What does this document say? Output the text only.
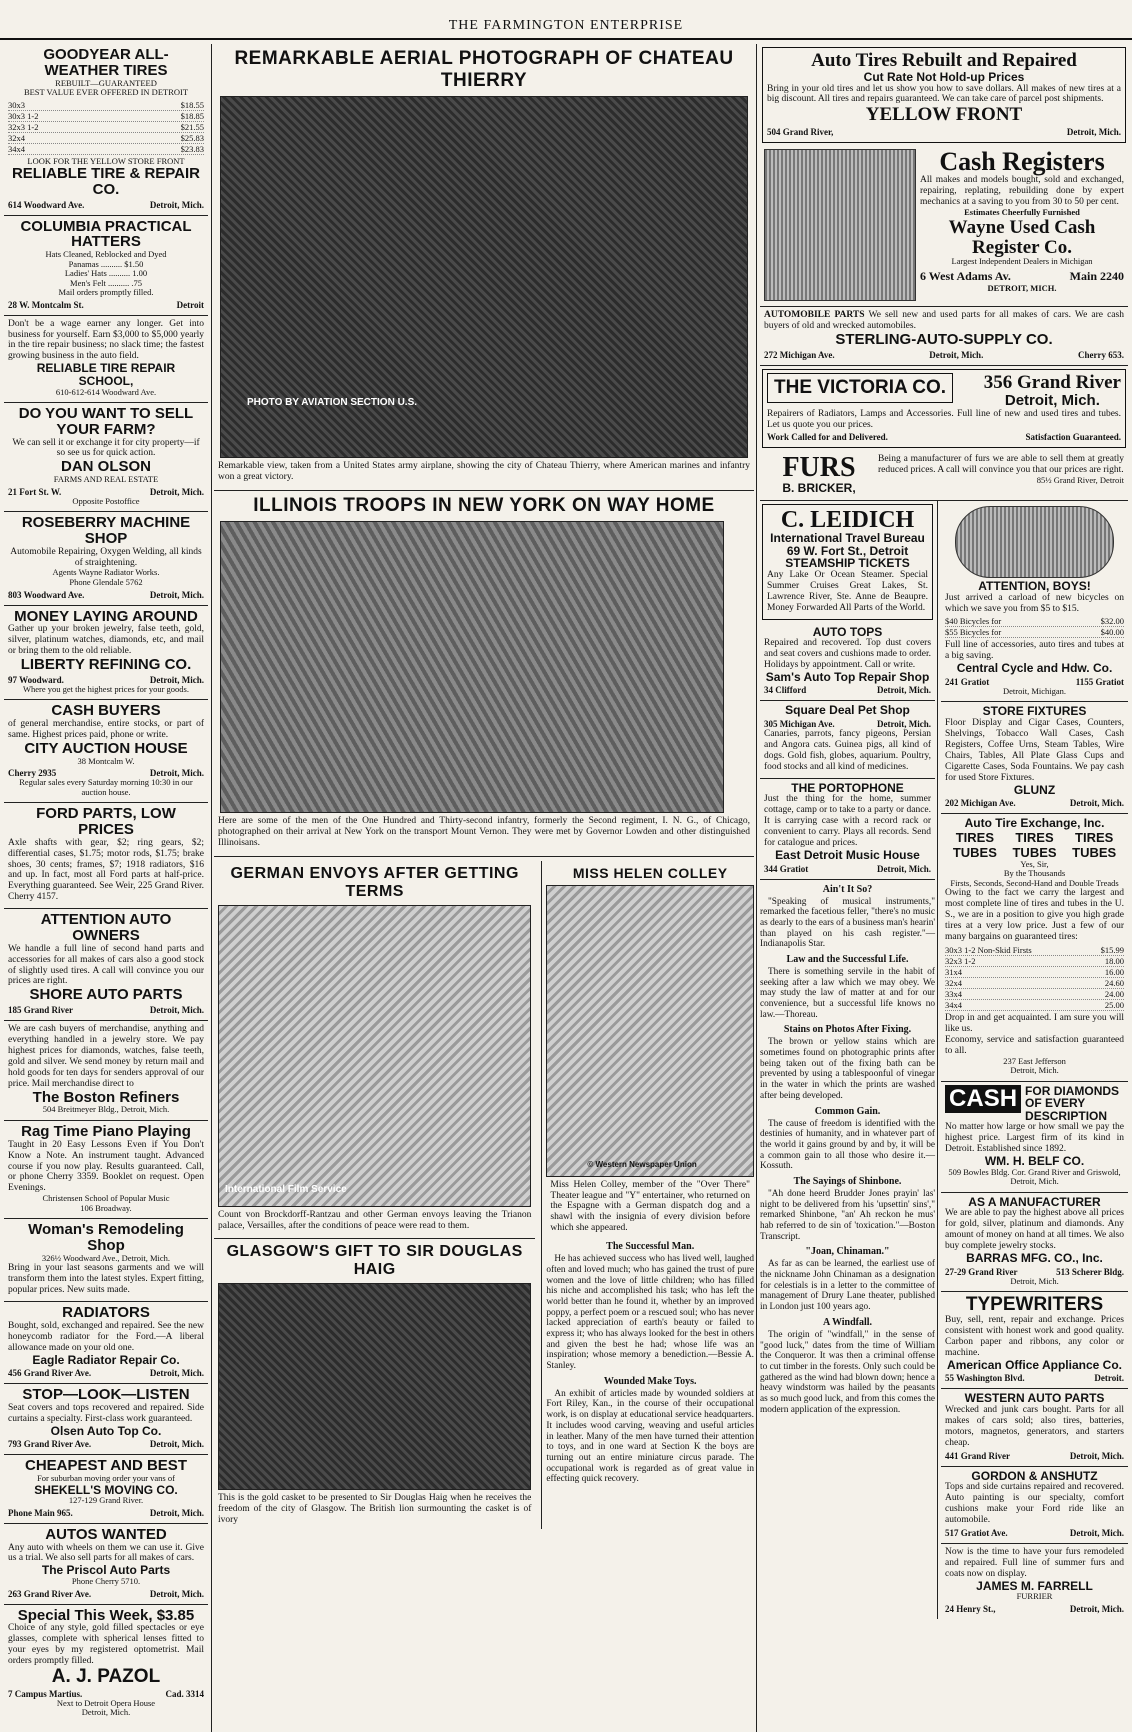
THE FARMINGTON ENTERPRISE
GOODYEAR ALL-WEATHER TIRES
REBUILT—GUARANTEED
BEST VALUE EVER OFFERED IN DETROIT
30x3	$18.55
30x3 1-2	$18.85
32x3 1-2	$21.55
32x4	$25.83
34x4	$23.83
LOOK FOR THE YELLOW STORE FRONT
RELIABLE TIRE & REPAIR CO.
614 Woodward Ave.	Detroit, Mich.
COLUMBIA PRACTICAL HATTERS
Hats Cleaned, Reblocked and Dyed
Panamas .......... $1.50
Ladies' Hats .......... 1.00
Men's Felt .......... .75
Mail orders promptly filled.
28 W. Montcalm St.	Detroit
Don't be a wage earner any longer. Get into business for yourself. Earn $3,000 to $5,000 yearly in the tire repair business; no slack time; the fastest growing business in the auto field.
RELIABLE TIRE REPAIR SCHOOL,
610-612-614 Woodward Ave.
DO YOU WANT TO SELL YOUR FARM?
We can sell it or exchange it for city property—if so see us for quick action.
DAN OLSON
FARMS AND REAL ESTATE
21 Fort St. W.	Detroit, Mich.
Opposite Postoffice
ROSEBERRY MACHINE SHOP
Automobile Repairing, Oxygen Welding, all kinds of straightening.
Agents Wayne Radiator Works.
Phone Glendale 5762
803 Woodward Ave.	Detroit, Mich.
MONEY LAYING AROUND
Gather up your broken jewelry, false teeth, gold, silver, platinum watches, diamonds, etc, and mail or bring them to the old reliable.
LIBERTY REFINING CO.
97 Woodward.	Detroit, Mich.
Where you get the highest prices for your goods.
CASH BUYERS
of general merchandise, entire stocks, or part of same. Highest prices paid, phone or write.
CITY AUCTION HOUSE
38 Montcalm W.
Cherry 2935	Detroit, Mich.
Regular sales every Saturday morning 10:30 in our auction house.
FORD PARTS, LOW PRICES
Axle shafts with gear, $2; ring gears, $2; differential cases, $1.75; motor rods, $1.75; brake shoes, 30 cents; frames, $7; 1918 radiators, $16 and up. In fact, most all Ford parts at half-price. Everything guaranteed. See Weir, 225 Grand River. Cherry 4157.
ATTENTION AUTO OWNERS
We handle a full line of second hand parts and accessories for all makes of cars also a good stock of slightly used tires. A call will convince you our prices are right.
SHORE AUTO PARTS
185 Grand River	Detroit, Mich.
We are cash buyers of merchandise, anything and everything handled in a jewelry store. We pay highest prices for diamonds, watches, false teeth, gold and silver. We send money by return mail and hold goods for ten days for senders approval of our price. Mail merchandise direct to
The Boston Refiners
504 Breitmeyer Bldg., Detroit, Mich.
Rag Time Piano Playing
Taught in 20 Easy Lessons Even if You Don't Know a Note. An instrument taught. Advanced course if you now play. Results guaranteed. Call, or phone Cherry 3359. Booklet on request. Open Evenings.
Christensen School of Popular Music
106 Broadway.
Woman's Remodeling Shop
326½ Woodward Ave., Detroit, Mich.
Bring in your last seasons garments and we will transform them into the latest styles. Expert fitting, popular prices. New suits made.
RADIATORS
Bought, sold, exchanged and repaired. See the new honeycomb radiator for the Ford.—A liberal allowance made on your old one.
Eagle Radiator Repair Co.
456 Grand River Ave.	Detroit, Mich.
STOP—LOOK—LISTEN
Seat covers and tops recovered and repaired. Side curtains a specialty. First-class work guaranteed.
Olsen Auto Top Co.
793 Grand River Ave.	Detroit, Mich.
CHEAPEST AND BEST
For suburban moving order your vans of
SHEKELL'S MOVING CO.
127-129 Grand River.
Phone Main 965.	Detroit, Mich.
AUTOS WANTED
Any auto with wheels on them we can use it. Give us a trial. We also sell parts for all makes of cars.
The Priscol Auto Parts
Phone Cherry 5710.
263 Grand River Ave.	Detroit, Mich.
Special This Week, $3.85
Choice of any style, gold filled spectacles or eye glasses, complete with spherical lenses fitted to your eyes by my registered optometrist. Mail orders promptly filled.
A. J. PAZOL
7 Campus Martius.	Cad. 3314
Next to Detroit Opera House
Detroit, Mich.
REMARKABLE AERIAL PHOTOGRAPH OF CHATEAU THIERRY
PHOTO BY AVIATION SECTION U.S.
Remarkable view, taken from a United States army airplane, showing the city of Chateau Thierry, where American marines and infantry won a great victory.
ILLINOIS TROOPS IN NEW YORK ON WAY HOME
Here are some of the men of the One Hundred and Thirty-second infantry, formerly the Second regiment, I. N. G., of Chicago, photographed on their arrival at New York on the transport Mount Vernon. They were met by Governor Lowden and other distinguished Illinoisans.
GERMAN ENVOYS AFTER GETTING TERMS
International Film Service
Count von Brockdorff-Rantzau and other German envoys leaving the Trianon palace, Versailles, after the conditions of peace were read to them.
GLASGOW'S GIFT TO SIR DOUGLAS HAIG
This is the gold casket to be presented to Sir Douglas Haig when he receives the freedom of the city of Glasgow. The British lion surmounting the casket is of ivory
MISS HELEN COLLEY
© Western Newspaper Union
Miss Helen Colley, member of the "Over There" Theater league and "Y" entertainer, who returned on the Espagne with a German dispatch dog and a shawl with the insignia of every division before which she appeared.
The Successful Man.

He has achieved success who has lived well, laughed often and loved much; who has gained the trust of pure women and the love of little children; who has filled his niche and accomplished his task; who has left the world better than he found it, whether by an improved poppy, a perfect poem or a rescued soul; who has never lacked appreciation of earth's beauty or failed to express it; who has always looked for the best in others and given the best he had; whose life was an inspiration; whose memory a benediction.—Bessie A. Stanley.

Wounded Make Toys.

An exhibit of articles made by wounded soldiers at Fort Riley, Kan., in the course of their occupational work, is on display at educational service headquarters. It includes wood carving, weaving and useful articles in leather. Many of the men have turned their attention to toys, and in one ward at Section K the boys are turning out an entire miniature circus parade. The occupational work is regarded as of great value in effecting quick recovery.

Auto Tires Rebuilt and Repaired
Cut Rate Not Hold-up Prices
Bring in your old tires and let us show you how to save dollars. All makes of new tires at a big discount. All tires and repairs guaranteed. We can take care of parcel post shipments.
YELLOW FRONT
504 Grand River,	Detroit, Mich.
Cash Registers
All makes and models bought, sold and exchanged, repairing, replating, rebuilding done by expert mechanics at a saving to you from 30 to 50 per cent.
Estimates Cheerfully Furnished
Wayne Used Cash Register Co.
Largest Independent Dealers in Michigan
6 West Adams Av.	Main 2240
DETROIT, MICH.
AUTOMOBILE PARTS We sell new and used parts for all makes of cars. We are cash buyers of old and wrecked automobiles.
STERLING-AUTO-SUPPLY CO.
272 Michigan Ave.	Detroit, Mich.	Cherry 653.
THE VICTORIA CO.	356 Grand River
Detroit, Mich.
Repairers of Radiators, Lamps and Accessories. Full line of new and used tires and tubes. Let us quote you our prices.
Work Called for and Delivered.	Satisfaction Guaranteed.
FURS
B. BRICKER,
Being a manufacturer of furs we are able to sell them at greatly reduced prices. A call will convince you that our prices are right.
85½ Grand River, Detroit
C. LEIDICH
International Travel Bureau
69 W. Fort St., Detroit
STEAMSHIP TICKETS
Any Lake Or Ocean Steamer. Special Summer Cruises Great Lakes, St. Lawrence River, Ste. Anne de Beaupre. Money Forwarded All Parts of the World.
AUTO TOPS
Repaired and recovered. Top dust covers and seat covers and cushions made to order. Holidays by appointment. Call or write.
Sam's Auto Top Repair Shop
34 Clifford	Detroit, Mich.
Square Deal Pet Shop
305 Michigan Ave.	Detroit, Mich.
Canaries, parrots, fancy pigeons, Persian and Angora cats. Guinea pigs, all kind of dogs. Gold fish, globes, aquarium. Poultry, food stocks and all kind of medicines.
THE PORTOPHONE
Just the thing for the home, summer cottage, camp or to take to a party or dance. It is carrying case with a record rack or convenient to carry. Plays all records. Send for catalogue and prices.
East Detroit Music House
344 Gratiot	Detroit, Mich.
Ain't It So?

"Speaking of musical instruments," remarked the facetious feller, "there's no music as dearly to the ears of a business man's hearin' than played on his cash register."—Indianapolis Star.

Law and the Successful Life.

There is something servile in the habit of seeking after a law which we may obey. We may study the law of matter at and for our convenience, but a successful life knows no law.—Thoreau.

Stains on Photos After Fixing.

The brown or yellow stains which are sometimes found on photographic prints after being taken out of the fixing bath can be prevented by using a tablespoonful of vinegar in the water in which the prints are washed after being developed.

Common Gain.

The cause of freedom is identified with the destinies of humanity, and in whatever part of the world it gains ground by and by, it will be a common gain to all those who desire it.—Kossuth.

The Sayings of Shinbone.

"Ah done heerd Brudder Jones prayin' las' night to be delivered from his 'upsettin' sins'," remarked Shinbone, "an' Ah reckon he mus' hab referred to de sin of 'toxication."—Boston Transcript.

"Joan, Chinaman."

As far as can be learned, the earliest use of the nickname John Chinaman as a designation for celestials is in a letter to the committee of management of Drury Lane theater, published in London just 100 years ago.

A Windfall.

The origin of "windfall," in the sense of "good luck," dates from the time of William the Conqueror. It was then a criminal offense to cut timber in the forests. Only such could be gathered as the wind had blown down; hence a heavy windstorm was hailed by the peasants as so much good luck, and from this comes the modern application of the expression.

ATTENTION, BOYS!
Just arrived a carload of new bicycles on which we save you from $5 to $15.
$40 Bicycles for	$32.00
$55 Bicycles for	$40.00
Full line of accessories, auto tires and tubes at a big saving.
Central Cycle and Hdw. Co.
241 Gratiot	1155 Gratiot
Detroit, Michigan.
STORE FIXTURES
Floor Display and Cigar Cases, Counters, Shelvings, Tobacco Wall Cases, Cash Registers, Coffee Urns, Steam Tables, Wire Chairs, Tables, All Plate Glass Cups and Cigarette Cases, Soda Fountains. We pay cash for used Store Fixtures.
GLUNZ
202 Michigan Ave.	Detroit, Mich.
Auto Tire Exchange, Inc.
TIRES TIRES TIRES
TUBES TUBES TUBES
Yes, Sir,
By the Thousands
Firsts, Seconds, Second-Hand and Double Treads
Owing to the fact we carry the largest and most complete line of tires and tubes in the U. S., we are in a position to give you high grade tires at a very low price. Just a few of our many bargains on guaranteed tires:
30x3 1-2 Non-Skid Firsts	$15.99
32x3 1-2	18.00
31x4	16.00
32x4	24.60
33x4	24.00
34x4	25.00
Drop in and get acquainted. I am sure you will like us.
Economy, service and satisfaction guaranteed to all.
237 East Jefferson
Detroit, Mich.
CASH FOR DIAMONDS OF EVERY DESCRIPTION
No matter how large or how small we pay the highest price. Largest firm of its kind in Detroit. Established since 1892.
WM. H. BELF CO.
509 Bowles Bldg. Cor. Grand River and Griswold, Detroit, Mich.
AS A MANUFACTURER
We are able to pay the highest above all prices for gold, silver, platinum and diamonds. Any amount of money on hand at all times. We also buy complete jewelry stocks.
BARRAS MFG. CO., Inc.
27-29 Grand River	513 Scherer Bldg.
Detroit, Mich.
TYPEWRITERS
Buy, sell, rent, repair and exchange. Prices consistent with honest work and good quality. Carbon paper and ribbons, any color or machine.
American Office Appliance Co.
55 Washington Blvd.	Detroit.
WESTERN AUTO PARTS
Wrecked and junk cars bought. Parts for all makes of cars sold; also tires, batteries, motors, magnetos, generators, and starters cheap.
441 Grand River	Detroit, Mich.
GORDON & ANSHUTZ
Tops and side curtains repaired and recovered. Auto painting is our specialty, comfort cushions make your Ford ride like an automobile.
517 Gratiot Ave.	Detroit, Mich.
Now is the time to have your furs remodeled and repaired. Full line of summer furs and coats now on display.
JAMES M. FARRELL
FURRIER
24 Henry St.,	Detroit, Mich.
